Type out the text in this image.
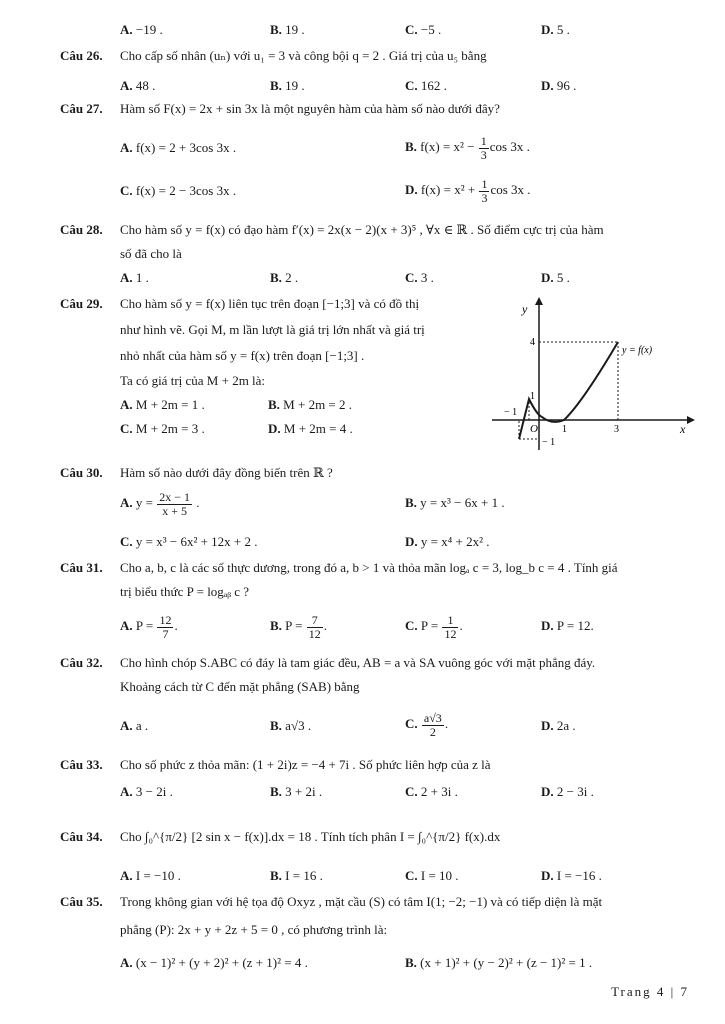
A. −19 .	B. 19 .	C. −5 .	D. 5 .
Câu 26. Cho cấp số nhân (uₙ) với u₁ = 3 và công bội q = 2 . Giá trị của u₅ bằng
A. 48 .	B. 19 .	C. 162 .	D. 96 .
Câu 27. Hàm số F(x) = 2x + sin 3x là một nguyên hàm của hàm số nào dưới đây?
A. f(x) = 2 + 3cos 3x .	B. $f(x) = x^2 - \frac{1}{3}$ cos 3x .
C. f(x) = 2 − 3cos 3x .	D. $f(x) = x^2 + \frac{1}{3}$ cos 3x .
Câu 28. Cho hàm số y = f(x) có đạo hàm f′(x) = 2x(x − 2)(x + 3)⁵ , ∀x ∈ ℝ . Số điểm cực trị của hàm
số đã cho là
A. 1 .	B. 2 .	C. 3 .	D. 5 .
Câu 29. Cho hàm số y = f(x) liên tục trên đoạn [−1;3] và có đồ thị
như hình vẽ. Gọi M, m lần lượt là giá trị lớn nhất và giá trị
nhỏ nhất của hàm số y = f(x) trên đoạn [−1;3] .
Ta có giá trị của M + 2m là:
A. M + 2m = 1 .	B. M + 2m = 2 .
C. M + 2m = 3 .	D. M + 2m = 4 .
y
x
y = f(x)
4
1
− 1
− 1
1	3
O
Câu 30. Hàm số nào dưới đây đồng biến trên ℝ ?
A. $y = \frac{2x - 1}{x + 5}$ .	B. y = x³ − 6x + 1 .
C. y = x³ − 6x² + 12x + 2 .	D. y = x⁴ + 2x² .
Câu 31. Cho a, b, c là các số thực dương, trong đó a, b > 1 và thỏa mãn logₐ c = 3, log_b c = 4 . Tính giá
trị biểu thức P = logₐᵦ c ?
A. $P = \frac{12}{7}$ .	B. $P = \frac{7}{12}$ .	C. $P = \frac{1}{12}$ .	D. P = 12.
Câu 32. Cho hình chóp S.ABC có đáy là tam giác đều, AB = a và SA vuông góc với mặt phẳng đáy.
Khoảng cách từ C đến mặt phẳng (SAB) bằng
A. a .	B. a√3 .	C. $\frac{a√3}{2}$ .	D. 2a .
Câu 33. Cho số phức z thỏa mãn: (1 + 2i)z = −4 + 7i . Số phức liên hợp của z là
A. 3 − 2i .	B. 3 + 2i .	C. 2 + 3i .	D. 2 − 3i .
Câu 34. Cho ∫₀^{π/2} [2 sin x − f(x)].dx = 18 . Tính tích phân I = ∫₀^{π/2} f(x).dx
A. I = −10 .	B. I = 16 .	C. I = 10 .	D. I = −16 .
Câu 35. Trong không gian với hệ tọa độ Oxyz , mặt cầu (S) có tâm I(1; −2; −1) và có tiếp diện là mặt
phẳng (P): 2x + y + 2z + 5 = 0 , có phương trình là:
A. (x − 1)² + (y + 2)² + (z + 1)² = 4 .	B. (x + 1)² + (y − 2)² + (z − 1)² = 1 .
Trang 4 | 7
